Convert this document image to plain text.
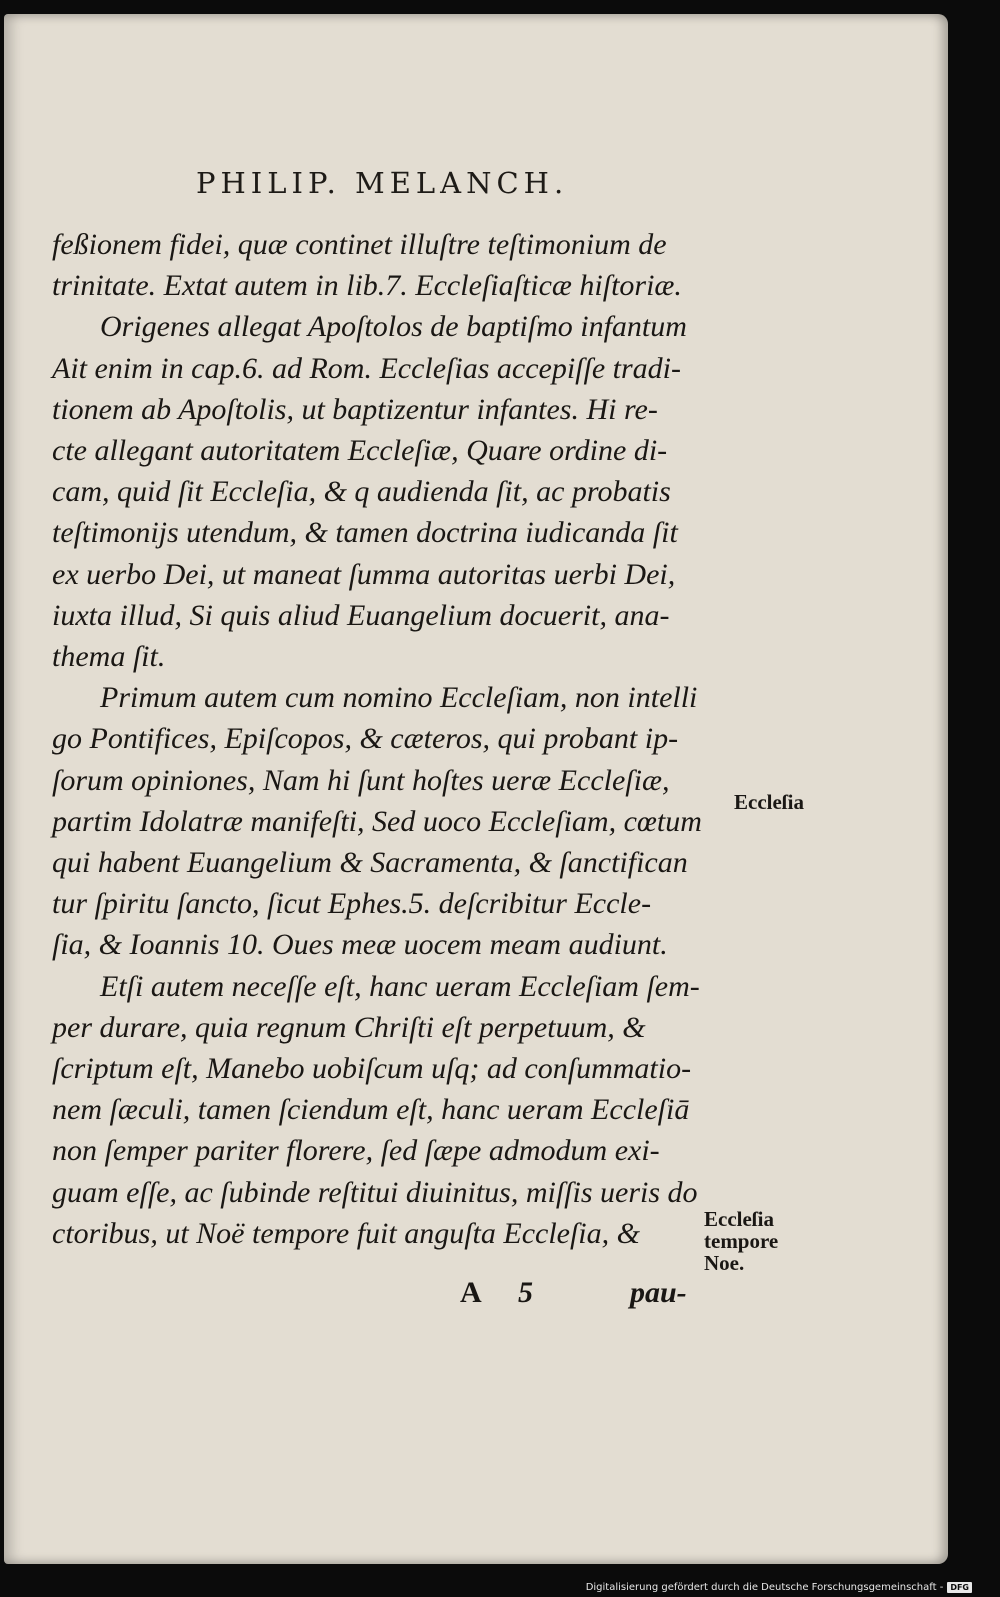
PHILIP. MELANCH.

feßionem fidei, quæ continet illuſtre teſtimonium de
trinitate. Extat autem in lib.7. Eccleſiaſticæ hiſtoriæ.

Origenes allegat Apoſtolos de baptiſmo infantum
Ait enim in cap.6. ad Rom. Eccleſias accepiſſe tradi-
tionem ab Apoſtolis, ut baptizentur infantes. Hi re-
cte allegant autoritatem Eccleſiæ, Quare ordine di-
cam, quid ſit Eccleſia, & q audienda ſit, ac probatis
teſtimonijs utendum, & tamen doctrina iudicanda ſit
ex uerbo Dei, ut maneat ſumma autoritas uerbi Dei,
iuxta illud, Si quis aliud Euangelium docuerit, ana-
thema ſit.

Primum autem cum nomino Eccleſiam, non intelli
go Pontifices, Epiſcopos, & cæteros, qui probant ip-
ſorum opiniones, Nam hi ſunt hoſtes ueræ Eccleſiæ,
partim Idolatræ manifeſti, Sed uoco Eccleſiam, cœtum
qui habent Euangelium & Sacramenta, & ſanctifican
tur ſpiritu ſancto, ſicut Ephes.5. deſcribitur Eccle-
ſia, & Ioannis 10. Oues meæ uocem meam audiunt.

Etſi autem neceſſe eſt, hanc ueram Eccleſiam ſem-
per durare, quia regnum Chriſti eſt perpetuum, &
ſcriptum eſt, Manebo uobiſcum uſq; ad conſummatio-
nem ſæculi, tamen ſciendum eſt, hanc ueram Eccleſiā
non ſemper pariter florere, ſed ſæpe admodum exi-
guam eſſe, ac ſubinde reſtitui diuinitus, miſſis ueris do
ctoribus, ut Noë tempore fuit anguſta Eccleſia, &

Eccleſia
Eccleſia
tempore
Noe.
A 5	pau-
Digitalisierung gefördert durch die Deutsche Forschungsgemeinschaft - DFG
